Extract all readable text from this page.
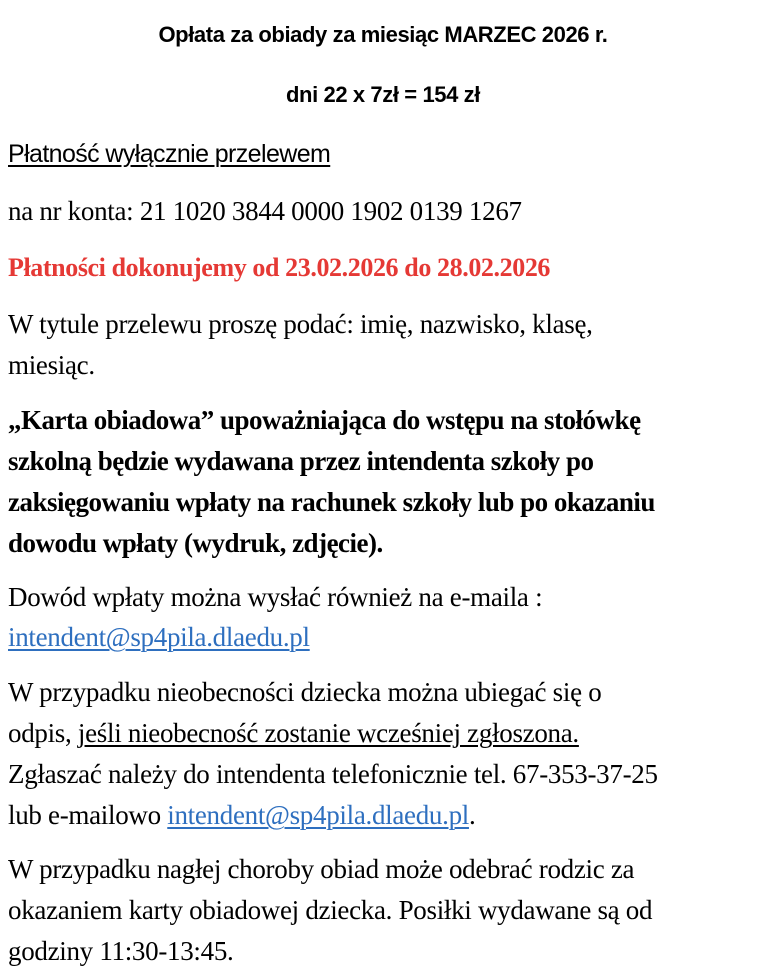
Opłata za obiady za miesiąc MARZEC 2026 r.
dni 22 x 7zł = 154 zł
Płatność wyłącznie przelewem
na nr konta: 21 1020 3844 0000 1902 0139 1267
Płatności dokonujemy od 23.02.2026 do 28.02.2026
W tytule przelewu proszę podać: imię, nazwisko, klasę,
miesiąc.
„Karta obiadowa” upoważniająca do wstępu na stołówkę
szkolną będzie wydawana przez intendenta szkoły po
zaksięgowaniu wpłaty na rachunek szkoły lub po okazaniu
dowodu wpłaty (wydruk, zdjęcie).
Dowód wpłaty można wysłać również na e-maila :
intendent@sp4pila.dlaedu.pl
W przypadku nieobecności dziecka można ubiegać się o
odpis, jeśli nieobecność zostanie wcześniej zgłoszona.
Zgłaszać należy do intendenta telefonicznie tel. 67-353-37-25
lub e-mailowo intendent@sp4pila.dlaedu.pl.
W przypadku nagłej choroby obiad może odebrać rodzic za
okazaniem karty obiadowej dziecka. Posiłki wydawane są od
godziny 11:30-13:45.
